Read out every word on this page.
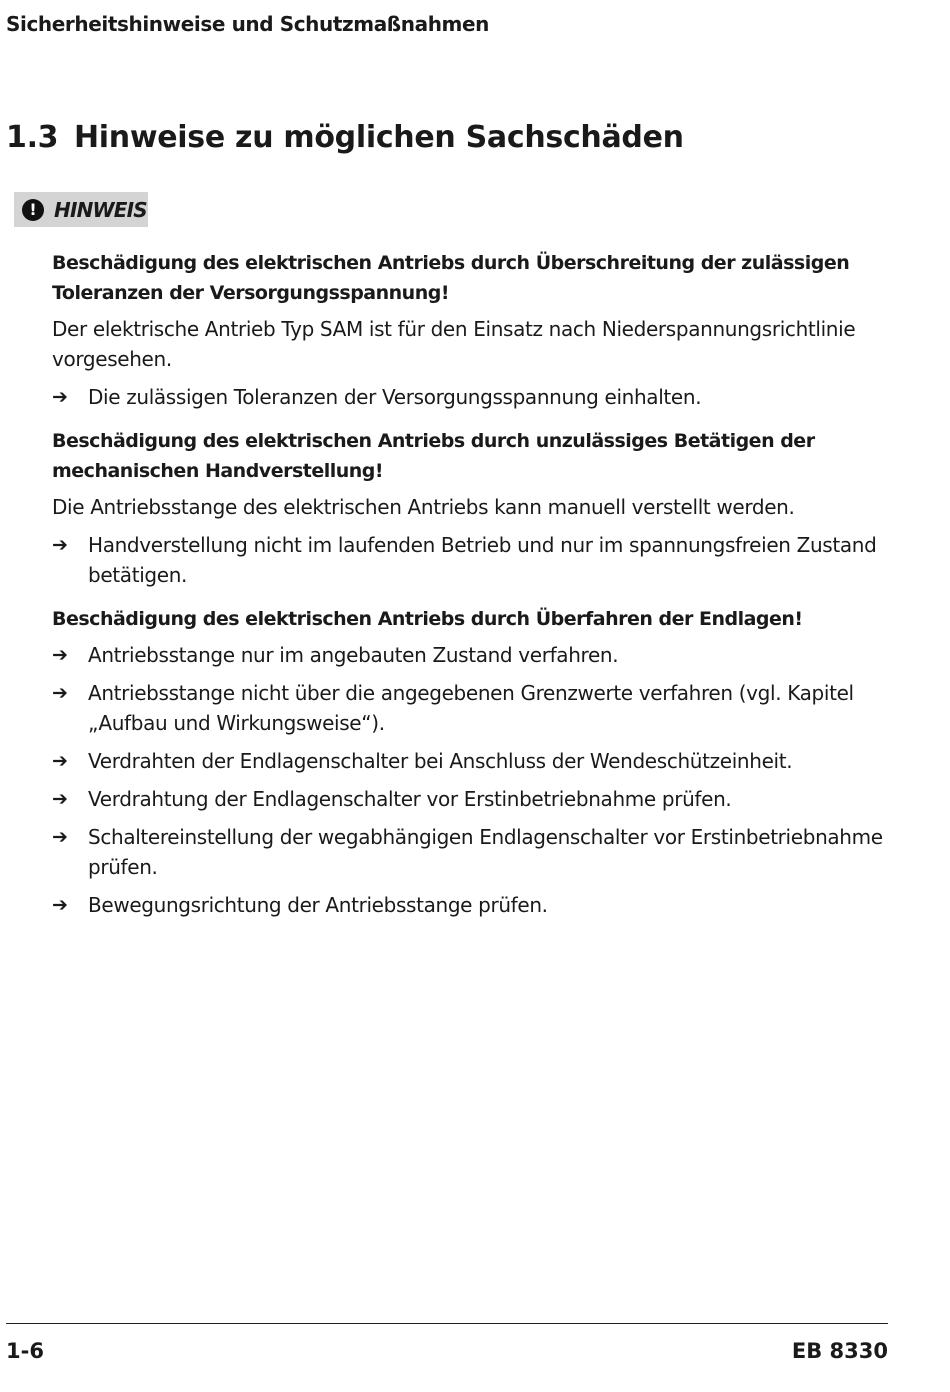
Sicherheitshinweise und Schutzmaßnahmen
1.3 Hinweise zu möglichen Sachschäden
! HINWEIS

Beschädigung des elektrischen Antriebs durch Überschreitung der zulässigen Toleranzen der Versorgungsspannung!

Der elektrische Antrieb Typ SAM ist für den Einsatz nach Niederspannungsrichtlinie vorgesehen.

➔ Die zulässigen Toleranzen der Versorgungsspannung einhalten.

Beschädigung des elektrischen Antriebs durch unzulässiges Betätigen der mechanischen Handverstellung!

Die Antriebsstange des elektrischen Antriebs kann manuell verstellt werden.

➔ Handverstellung nicht im laufenden Betrieb und nur im spannungsfreien Zustand betätigen.

Beschädigung des elektrischen Antriebs durch Überfahren der Endlagen!

➔ Antriebsstange nur im angebauten Zustand verfahren.
➔ Antriebsstange nicht über die angegebenen Grenzwerte verfahren (vgl. Kapitel „Aufbau und Wirkungsweise“).
➔ Verdrahten der Endlagenschalter bei Anschluss der Wendeschützeinheit.
➔ Verdrahtung der Endlagenschalter vor Erstinbetriebnahme prüfen.
➔ Schaltereinstellung der wegabhängigen Endlagenschalter vor Erstinbetriebnahme prüfen.
➔ Bewegungsrichtung der Antriebsstange prüfen.
1-6	EB 8330
